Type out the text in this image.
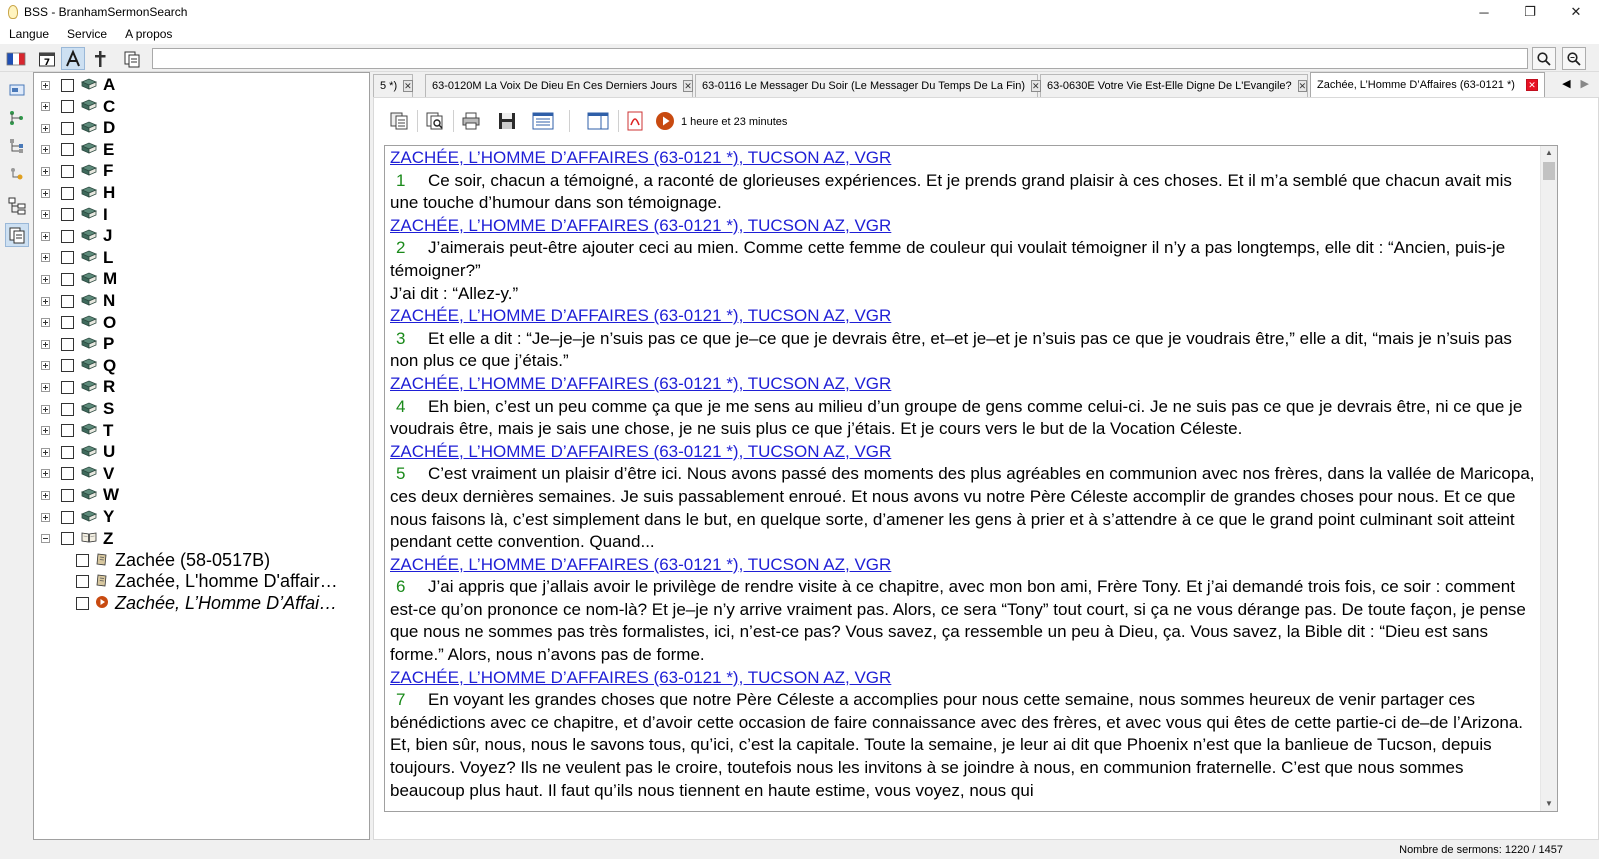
BSS - BranhamSermonSearch	─	❐	✕
Langue	Service	A propos
7
A
C
D
E
F
H
I
J
L
M
N
O
P
Q
R
S
T
U
V
W
Y
Z
Zachée (58-0517B)
Zachée, L'homme D'affair…
Zachée, L’Homme D’Affai…
Zachée, L’Homme D’Affaires (63-0121 *)	✕
63-0630E Votre Vie Est-Elle Digne De L'Evangile? ✕
63-0116 Le Messager Du Soir (Le Messager Du Temps De La Fin) ✕
63-0120M La Voix De Dieu En Ces Derniers Jours ✕
5 *) ✕	◀ ▶
1 heure et 23 minutes
ZACHÉE, L’HOMME D’AFFAIRES (63-0121 *), TUCSON AZ, VGR
1 Ce soir, chacun a témoigné, a raconté de glorieuses expériences. Et je prends grand plaisir à ces choses. Et il m’a semblé que chacun avait mis une touche d’humour dans son témoignage.
ZACHÉE, L’HOMME D’AFFAIRES (63-0121 *), TUCSON AZ, VGR
2 J’aimerais peut-être ajouter ceci au mien. Comme cette femme de couleur qui voulait témoigner il n’y a pas longtemps, elle dit : “Ancien, puis-je témoigner?”
J’ai dit : “Allez-y.”
ZACHÉE, L’HOMME D’AFFAIRES (63-0121 *), TUCSON AZ, VGR
3 Et elle a dit : “Je–je–je n’suis pas ce que je–ce que je devrais être, et–et je–et je n’suis pas ce que je voudrais être,” elle a dit, “mais je n’suis pas non plus ce que j’étais.”
ZACHÉE, L’HOMME D’AFFAIRES (63-0121 *), TUCSON AZ, VGR
4 Eh bien, c’est un peu comme ça que je me sens au milieu d’un groupe de gens comme celui-ci. Je ne suis pas ce que je devrais être, ni ce que je voudrais être, mais je sais une chose, je ne suis plus ce que j’étais. Et je cours vers le but de la Vocation Céleste.
ZACHÉE, L’HOMME D’AFFAIRES (63-0121 *), TUCSON AZ, VGR
5 C’est vraiment un plaisir d’être ici. Nous avons passé des moments des plus agréables en communion avec nos frères, dans la vallée de Maricopa, ces deux dernières semaines. Je suis passablement enroué. Et nous avons vu notre Père Céleste accomplir de grandes choses pour nous. Et ce que nous faisons là, c’est simplement dans le but, en quelque sorte, d’amener les gens à prier et à s’attendre à ce que le grand point culminant soit atteint pendant cette convention. Quand...
ZACHÉE, L’HOMME D’AFFAIRES (63-0121 *), TUCSON AZ, VGR
6 J’ai appris que j’allais avoir le privilège de rendre visite à ce chapitre, avec mon bon ami, Frère Tony. Et j’ai demandé trois fois, ce soir : comment est-ce qu’on prononce ce nom-là? Et je–je n’y arrive vraiment pas. Alors, ce sera “Tony” tout court, si ça ne vous dérange pas. De toute façon, je pense que nous ne sommes pas très formalistes, ici, n’est-ce pas? Vous savez, ça ressemble un peu à Dieu, ça. Vous savez, la Bible dit : “Dieu est sans forme.” Alors, nous n’avons pas de forme.
ZACHÉE, L’HOMME D’AFFAIRES (63-0121 *), TUCSON AZ, VGR
7 En voyant les grandes choses que notre Père Céleste a accomplies pour nous cette semaine, nous sommes heureux de venir partager ces bénédictions avec ce chapitre, et d’avoir cette occasion de faire connaissance avec des frères, et avec vous qui êtes de cette partie-ci de–de l’Arizona. Et, bien sûr, nous, nous le savons tous, qu’ici, c’est la capitale. Toute la semaine, je leur ai dit que Phoenix n’est que la banlieue de Tucson, depuis toujours. Voyez? Ils ne veulent pas le croire, toutefois nous les invitons à se joindre à nous, en communion fraternelle. C’est que nous sommes beaucoup plus haut. Il faut qu’ils nous tiennent en haute estime, vous voyez, nous qui
▲
▼
Nombre de sermons: 1220 / 1457
